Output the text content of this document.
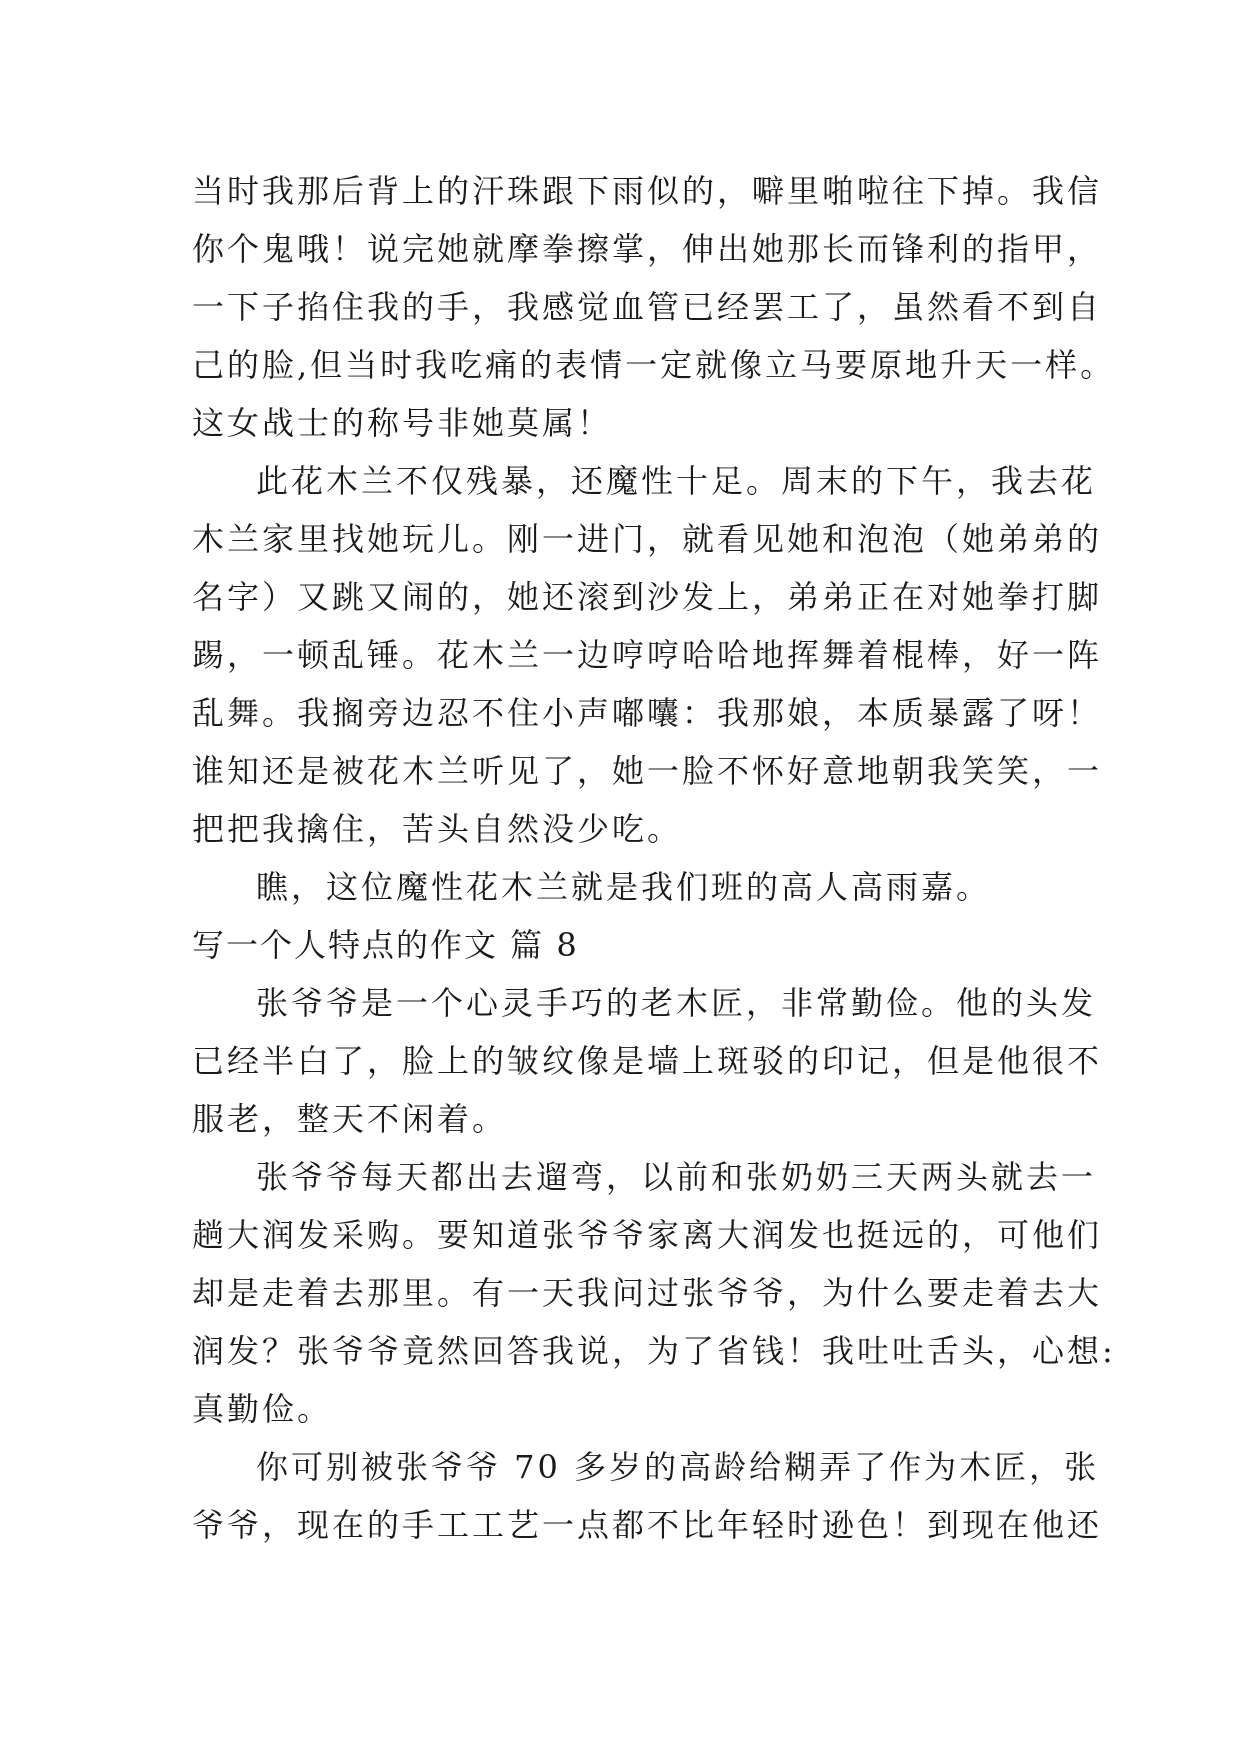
当时我那后背上的汗珠跟下雨似的，噼里啪啦往下掉。我信
你个鬼哦！说完她就摩拳擦掌，伸出她那长而锋利的指甲，
一下子掐住我的手，我感觉血管已经罢工了，虽然看不到自
己的脸,但当时我吃痛的表情一定就像立马要原地升天一样。
这女战士的称号非她莫属！
此花木兰不仅残暴，还魔性十足。周末的下午，我去花
木兰家里找她玩儿。刚一进门，就看见她和泡泡（她弟弟的
名字）又跳又闹的，她还滚到沙发上，弟弟正在对她拳打脚
踢，一顿乱锤。花木兰一边哼哼哈哈地挥舞着棍棒，好一阵
乱舞。我搁旁边忍不住小声嘟囔：我那娘，本质暴露了呀！
谁知还是被花木兰听见了，她一脸不怀好意地朝我笑笑，一
把把我擒住，苦头自然没少吃。
瞧，这位魔性花木兰就是我们班的高人高雨嘉。
写一个人特点的作文 篇 8
张爷爷是一个心灵手巧的老木匠，非常勤俭。他的头发
已经半白了，脸上的皱纹像是墙上斑驳的印记，但是他很不
服老，整天不闲着。
张爷爷每天都出去遛弯，以前和张奶奶三天两头就去一
趟大润发采购。要知道张爷爷家离大润发也挺远的，可他们
却是走着去那里。有一天我问过张爷爷，为什么要走着去大
润发？张爷爷竟然回答我说，为了省钱！我吐吐舌头，心想:
真勤俭。
你可别被张爷爷 70 多岁的高龄给糊弄了作为木匠，张
爷爷，现在的手工工艺一点都不比年轻时逊色！到现在他还
